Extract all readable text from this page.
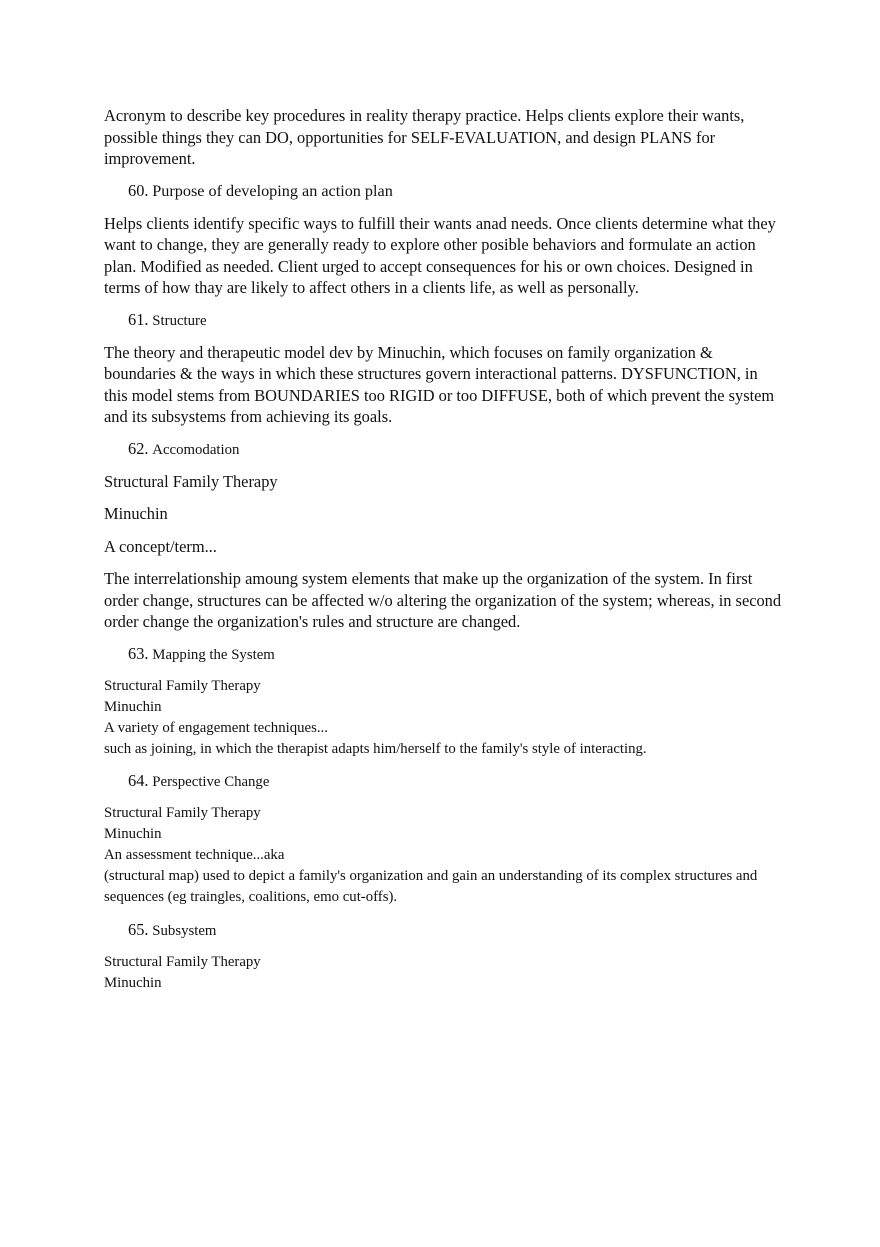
Acronym to describe key procedures in reality therapy practice. Helps clients explore their wants, possible things they can DO, opportunities for SELF-EVALUATION, and design PLANS for improvement.

60. Purpose of developing an action plan

Helps clients identify specific ways to fulfill their wants anad needs. Once clients determine what they want to change, they are generally ready to explore other posible behaviors and formulate an action plan. Modified as needed. Client urged to accept consequences for his or own choices. Designed in terms of how thay are likely to affect others in a clients life, as well as personally.

61. Structure

The theory and therapeutic model dev by Minuchin, which focuses on family organization & boundaries & the ways in which these structures govern interactional patterns. DYSFUNCTION, in this model stems from BOUNDARIES too RIGID or too DIFFUSE, both of which prevent the system and its subsystems from achieving its goals.

62. Accomodation

Structural Family Therapy

Minuchin

A concept/term...

The interrelationship amoung system elements that make up the organization of the system. In first order change, structures can be affected w/o altering the organization of the system; whereas, in second order change the organization's rules and structure are changed.

63. Mapping the System
Structural Family Therapy
Minuchin
A variety of engagement techniques...
such as joining, in which the therapist adapts him/herself to the family's style of interacting.
64. Perspective Change
Structural Family Therapy
Minuchin
An assessment technique...aka
(structural map) used to depict a family's organization and gain an understanding of its complex structures and sequences (eg traingles, coalitions, emo cut-offs).
65. Subsystem
Structural Family Therapy
Minuchin
